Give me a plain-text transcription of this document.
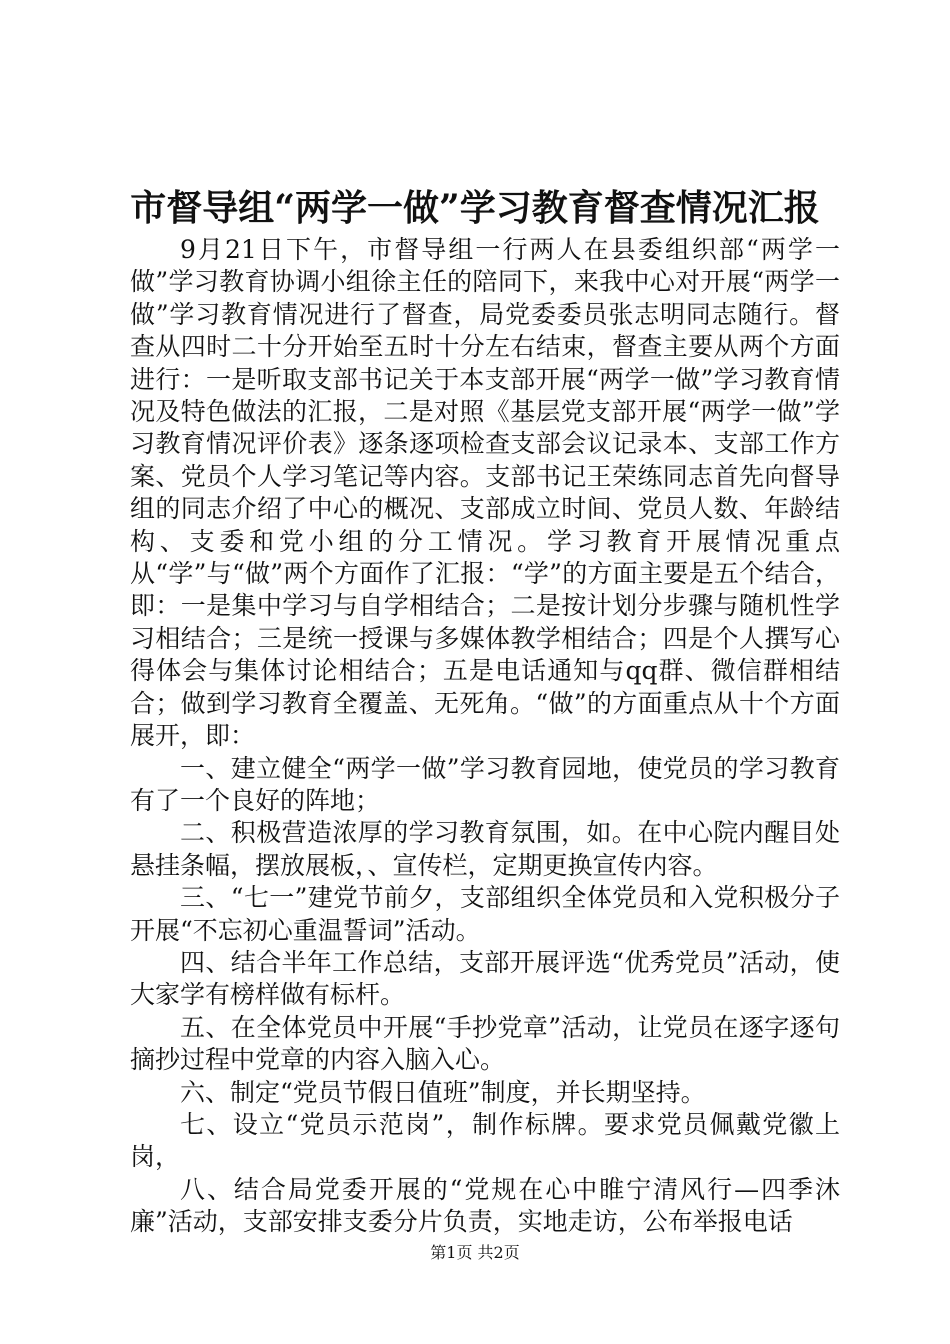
市督导组“两学一做”学习教育督查情况汇报

9月21日下午，市督导组一行两人在县委组织部“两学一做”学习教育协调小组徐主任的陪同下，来我中心对开展“两学一做”学习教育情况进行了督查，局党委委员张志明同志随行。督查从四时二十分开始至五时十分左右结束，督查主要从两个方面进行：一是听取支部书记关于本支部开展“两学一做”学习教育情况及特色做法的汇报，二是对照《基层党支部开展“两学一做”学习教育情况评价表》逐条逐项检查支部会议记录本、支部工作方案、党员个人学习笔记等内容。支部书记王荣练同志首先向督导组的同志介绍了中心的概况、支部成立时间、党员人数、年龄结构、支委和党小组的分工情况。学习教育开展情况重点从“学”与“做”两个方面作了汇报：“学”的方面主要是五个结合，即：一是集中学习与自学相结合；二是按计划分步骤与随机性学习相结合；三是统一授课与多媒体教学相结合；四是个人撰写心得体会与集体讨论相结合；五是电话通知与qq群、微信群相结合；做到学习教育全覆盖、无死角。“做”的方面重点从十个方面展开，即：

一、建立健全“两学一做”学习教育园地，使党员的学习教育有了一个良好的阵地；

二、积极营造浓厚的学习教育氛围，如。在中心院内醒目处悬挂条幅，摆放展板，、宣传栏，定期更换宣传内容。

三、“七一”建党节前夕，支部组织全体党员和入党积极分子开展“不忘初心重温誓词”活动。

四、结合半年工作总结，支部开展评选“优秀党员”活动，使大家学有榜样做有标杆。

五、在全体党员中开展“手抄党章”活动，让党员在逐字逐句摘抄过程中党章的内容入脑入心。

六、制定“党员节假日值班”制度，并长期坚持。

七、设立“党员示范岗”，制作标牌。要求党员佩戴党徽上岗，

八、结合局党委开展的“党规在心中睢宁清风行—四季沐廉”活动，支部安排支委分片负责，实地走访，公布举报电话

第1页 共2页
